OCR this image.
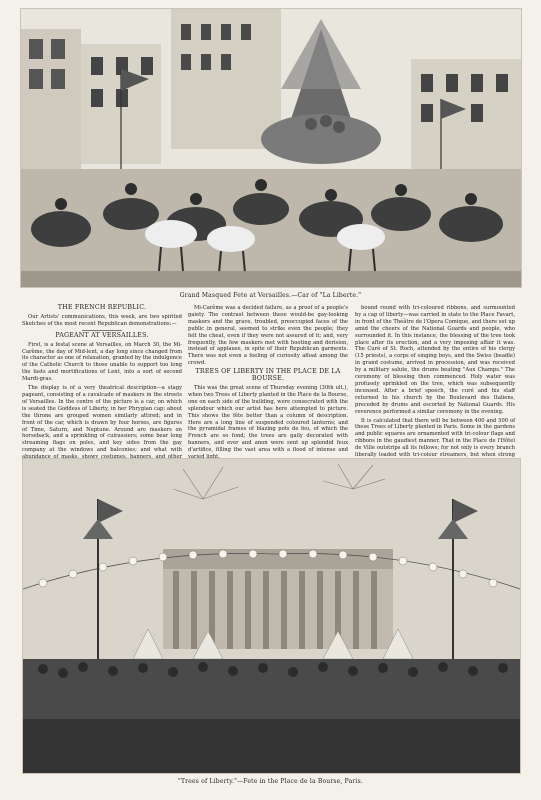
Grand Masqued Fete at Versailles.—Car of "La Liberte."
THE FRENCH REPUBLIC.

Our Artists' communications, this week, are two spirited Sketches of the most recent Republican demonstrations:—

PAGEANT AT VERSAILLES.

First, is a festal scene at Versailles, on March 30, the Mi-Carême, the day of Mid-lent, a day long since changed from its character as one of relaxation, granted by the indulgence of the Catholic Church to those unable to support too long the fasts and mortifications of Lent, into a sort of second Mardi-gras.

The display is of a very theatrical description—a stagy pageant, consisting of a cavalcade of maskers in the streets of Versailles. In the centre of the picture is a car, on which is seated the Goddess of Liberty, in her Phrygian cap; about the throne are grouped women similarly attired; and in front of the car, which is drawn by four horses, are figures of Time, Saturn, and Neptune. Around are maskers on horseback, and a sprinkling of cuirassiers; some bear long streaming flags on poles, and key sides from the gay company at the windows and balconies; and what with

Mi-Carême was a decided failure, as a proof of a people's gaiety. The contrast between these would-be gay-looking maskers and the grave, troubled, preoccupied faces of the public in general, seemed to strike even the people; they felt the cheat, even if they were not assured of it; and, very frequently, the few maskers met with hooting and derision, instead of applause, in spite of their Republican garments. There was not even a feeling of curiosity afloat among the crowd.

TREES OF LIBERTY IN THE PLACE DE LA BOURSE.

This was the great scene of Thursday evening (30th ult.), when two Trees of Liberty planted in the Place de la Bourse, one on each side of the building, were consecrated with the splendour which our artist has here attempted to picture. This shows the fête better than a column of description. Here are a long line of suspended coloured lanterns; and the pyramidal frames of blazing pots de feu, of which the French are so fond; the trees are gaily decorated with banners, and ever and anon were sent up splendid feux d'artifice, filling the vast area with a flood of intense and

bound round with tri-coloured ribbons, and surmounted by a cap of liberty—was carried in state to the Place Favart, in front of the Théâtre de l'Opera Comique, and there set up amid the cheers of the National Guards and people, who surrounded it. In this instance, the blessing of the tree took place after its erection, and a very imposing affair it was. The Curé of St. Roch, attended by the entire of his clergy (15 priests), a corps of singing boys, and the Swiss (beadle) in grand costume, arrived in procession, and was received by a military salute, the drums beating "Aux Champs." The ceremony of blessing then commenced. Holy water was profusely sprinkled on the tree, which was subsequently incensed. After a brief speech, the curé and his staff returned to his church by the Boulevard des Italiens, preceded by drums and escorted by National Guards. His reverence performed a similar ceremony in the evening.

It is calculated that there will be between 400 and 500 of these Trees of Liberty planted in Paris. Some in the gardens and public squares are ornamented with tri-colour flags and ribbons in the gaudiest manner. That in the Place de l'Hôtel de Ville outstrips all its fellows; for not only is every branch liberally loaded with tri-colour streamers, but when strong

"Trees of Liberty."—Fete in the Place de la Bourse, Paris.
